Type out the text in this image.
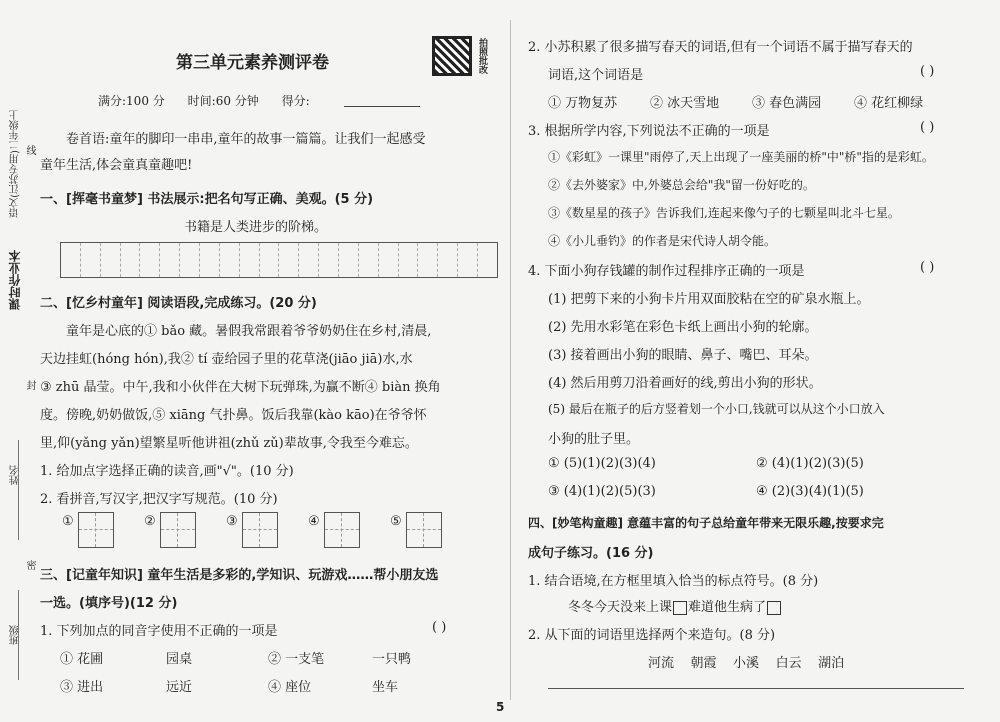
课时作业本
语文(江苏专用)二年级上 线
封
密
姓名
班级
第三单元素养测评卷	拍照批改
满分:100 分      时间:60 分钟      得分:
卷首语:童年的脚印一串串,童年的故事一篇篇。让我们一起感受
童年生活,体会童真童趣吧!
一、[挥毫书童梦] 书法展示:把名句写正确、美观。(5 分)
书籍是人类进步的阶梯。
二、[忆乡村童年] 阅读语段,完成练习。(20 分)
童年是心底的① bǎo 藏。暑假我常跟着爷爷奶奶住在乡村,清晨,
天边挂虹(hóng hón),我② tí 壶给园子里的花草浇(jiāo jiā)水,水
③ zhū 晶莹。中午,我和小伙伴在大树下玩弹珠,为赢不断④ biàn 换角
度。傍晚,奶奶做饭,⑤ xiāng 气扑鼻。饭后我靠(kào kāo)在爷爷怀
里,仰(yǎng yǎn)望繁星听他讲祖(zhǔ zǔ)辈故事,令我至今难忘。
1. 给加点字选择正确的读音,画"√"。(10 分)
2. 看拼音,写汉字,把汉字写规范。(10 分)
①	②	③	④	⑤
三、[记童年知识] 童年生活是多彩的,学知识、玩游戏……帮小朋友选
一选。(填序号)(12 分)
1. 下列加点的同音字使用不正确的一项是	( )
① 花圃	园桌	② 一支笔	一只鸭
③ 进出	远近	④ 座位	坐车
2. 小苏积累了很多描写春天的词语,但有一个词语不属于描写春天的
词语,这个词语是	( )
① 万物复苏	② 冰天雪地	③ 春色满园	④ 花红柳绿
3. 根据所学内容,下列说法不正确的一项是	( )
①《彩虹》一课里"雨停了,天上出现了一座美丽的桥"中"桥"指的是彩虹。
②《去外婆家》中,外婆总会给"我"留一份好吃的。
③《数星星的孩子》告诉我们,连起来像勺子的七颗星叫北斗七星。
④《小儿垂钓》的作者是宋代诗人胡令能。
4. 下面小狗存钱罐的制作过程排序正确的一项是	( )
(1) 把剪下来的小狗卡片用双面胶粘在空的矿泉水瓶上。
(2) 先用水彩笔在彩色卡纸上画出小狗的轮廓。
(3) 接着画出小狗的眼睛、鼻子、嘴巴、耳朵。
(4) 然后用剪刀沿着画好的线,剪出小狗的形状。
(5) 最后在瓶子的后方竖着划一个小口,钱就可以从这个小口放入
小狗的肚子里。
① (5)(1)(2)(3)(4)	② (4)(1)(2)(3)(5)
③ (4)(1)(2)(5)(3)	④ (2)(3)(4)(1)(5)
四、[妙笔构童趣] 意蕴丰富的句子总给童年带来无限乐趣,按要求完
成句子练习。(16 分)
1. 结合语境,在方框里填入恰当的标点符号。(8 分)
冬冬今天没来上课 难道他生病了
2. 从下面的词语里选择两个来造句。(8 分)
河流    朝霞    小溪    白云    湖泊
5
